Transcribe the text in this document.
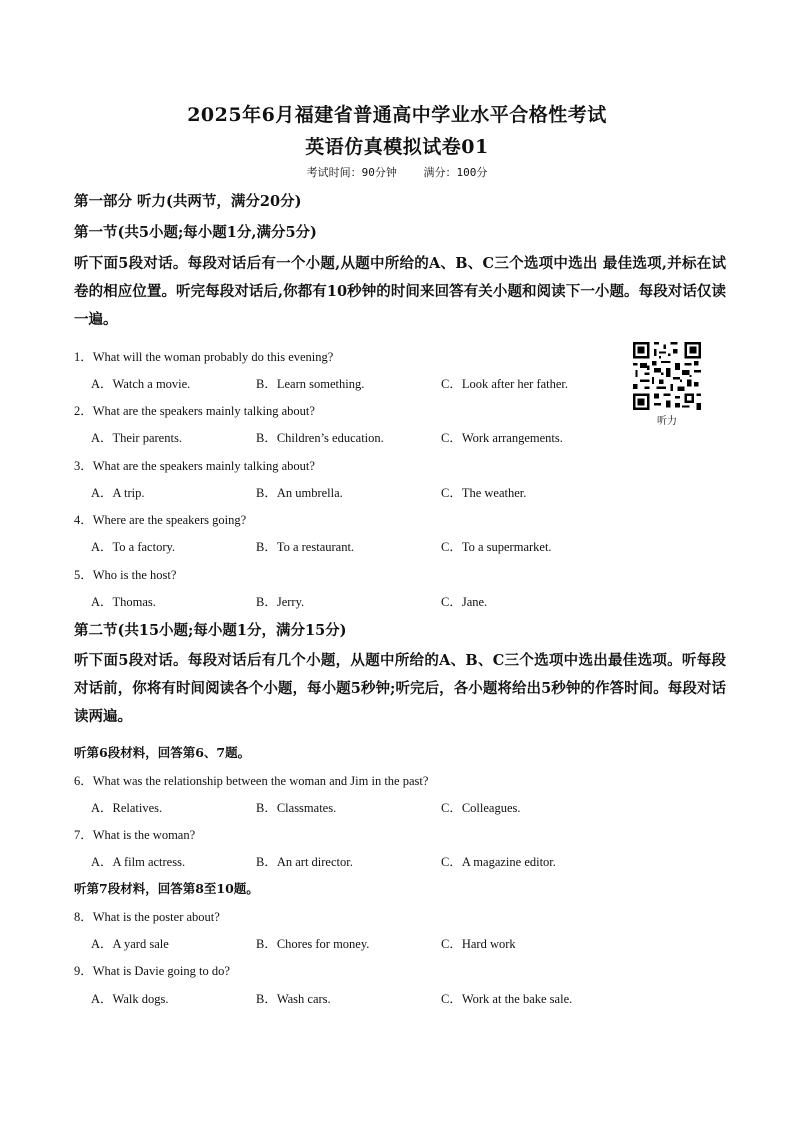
2025年6月福建省普通高中学业水平合格性考试
英语仿真模拟试卷01
考试时间：90分钟 满分：100分
第一部分 听力(共两节，满分20分)
第一节(共5小题;每小题1分,满分5分)
听下面5段对话。每段对话后有一个小题,从题中所给的A、B、C三个选项中选出 最佳选项,并标在试卷的相应位置。听完每段对话后,你都有10秒钟的时间来回答有关小题和阅读下一小题。每段对话仅读一遍。
听力
1．What will the woman probably do this evening?
A．Watch a movie.	B．Learn something.	C．Look after her father.
2．What are the speakers mainly talking about?
A．Their parents.	B．Children’s education.	C．Work arrangements.
3．What are the speakers mainly talking about?
A．A trip.	B．An umbrella.	C．The weather.
4．Where are the speakers going?
A．To a factory.	B．To a restaurant.	C．To a supermarket.
5．Who is the host?
A．Thomas.	B．Jerry.	C．Jane.
第二节(共15小题;每小题1分，满分15分)
听下面5段对话。每段对话后有几个小题，从题中所给的A、B、C三个选项中选出最佳选项。听每段对话前，你将有时间阅读各个小题，每小题5秒钟;听完后，各小题将给出5秒钟的作答时间。每段对话读两遍。
听第6段材料，回答第6、7题。
6．What was the relationship between the woman and Jim in the past?
A．Relatives.	B．Classmates.	C．Colleagues.
7．What is the woman?
A．A film actress.	B．An art director.	C．A magazine editor.
听第7段材料，回答第8至10题。
8．What is the poster about?
A．A yard sale	B．Chores for money.	C．Hard work
9．What is Davie going to do?
A．Walk dogs.	B．Wash cars.	C．Work at the bake sale.
